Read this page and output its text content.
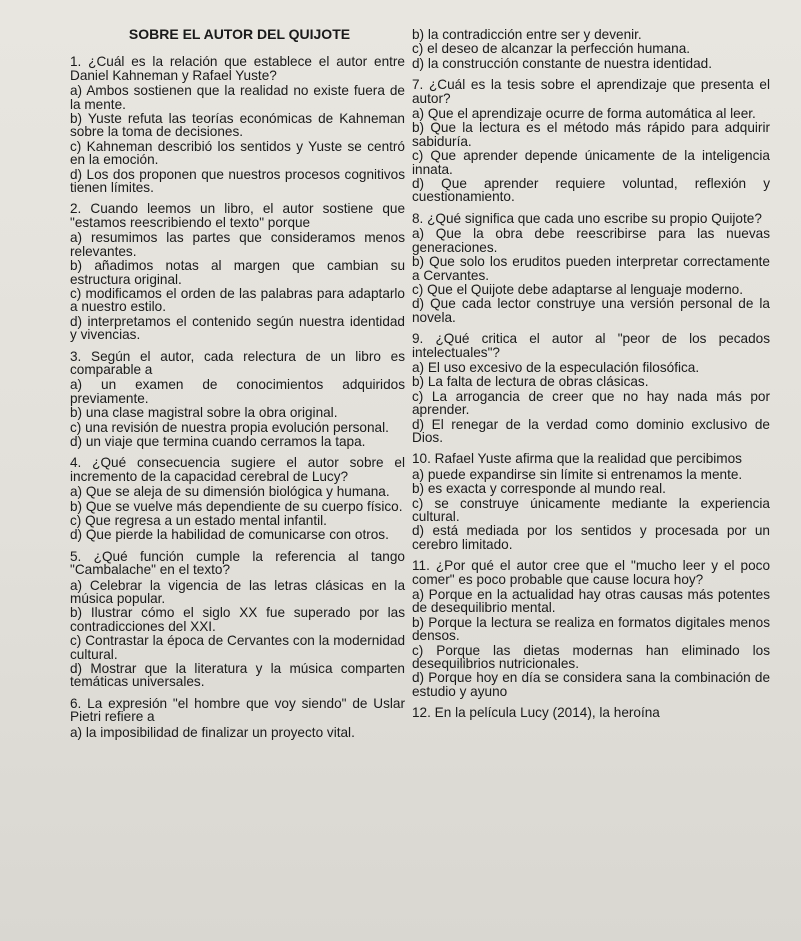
SOBRE EL AUTOR DEL QUIJOTE
1. ¿Cuál es la relación que establece el autor entre Daniel Kahneman y Rafael Yuste?
a) Ambos sostienen que la realidad no existe fuera de la mente.
b) Yuste refuta las teorías económicas de Kahneman sobre la toma de decisiones.
c) Kahneman describió los sentidos y Yuste se centró en la emoción.
d) Los dos proponen que nuestros procesos cognitivos tienen límites.
2. Cuando leemos un libro, el autor sostiene que "estamos reescribiendo el texto" porque
a) resumimos las partes que consideramos menos relevantes.
b) añadimos notas al margen que cambian su estructura original.
c) modificamos el orden de las palabras para adaptarlo a nuestro estilo.
d) interpretamos el contenido según nuestra identidad y vivencias.
3. Según el autor, cada relectura de un libro es comparable a
a) un examen de conocimientos adquiridos previamente.
b) una clase magistral sobre la obra original.
c) una revisión de nuestra propia evolución personal.
d) un viaje que termina cuando cerramos la tapa.
4. ¿Qué consecuencia sugiere el autor sobre el incremento de la capacidad cerebral de Lucy?
a) Que se aleja de su dimensión biológica y humana.
b) Que se vuelve más dependiente de su cuerpo físico.
c) Que regresa a un estado mental infantil.
d) Que pierde la habilidad de comunicarse con otros.
5. ¿Qué función cumple la referencia al tango "Cambalache" en el texto?
a) Celebrar la vigencia de las letras clásicas en la música popular.
b) Ilustrar cómo el siglo XX fue superado por las contradicciones del XXI.
c) Contrastar la época de Cervantes con la modernidad cultural.
d) Mostrar que la literatura y la música comparten temáticas universales.
6. La expresión "el hombre que voy siendo" de Uslar Pietri refiere a
a) la imposibilidad de finalizar un proyecto vital.
b) la contradicción entre ser y devenir.
c) el deseo de alcanzar la perfección humana.
d) la construcción constante de nuestra identidad.
7. ¿Cuál es la tesis sobre el aprendizaje que presenta el autor?
a) Que el aprendizaje ocurre de forma automática al leer.
b) Que la lectura es el método más rápido para adquirir sabiduría.
c) Que aprender depende únicamente de la inteligencia innata.
d) Que aprender requiere voluntad, reflexión y cuestionamiento.
8. ¿Qué significa que cada uno escribe su propio Quijote?
a) Que la obra debe reescribirse para las nuevas generaciones.
b) Que solo los eruditos pueden interpretar correctamente a Cervantes.
c) Que el Quijote debe adaptarse al lenguaje moderno.
d) Que cada lector construye una versión personal de la novela.
9. ¿Qué critica el autor al "peor de los pecados intelectuales"?
a) El uso excesivo de la especulación filosófica.
b) La falta de lectura de obras clásicas.
c) La arrogancia de creer que no hay nada más por aprender.
d) El renegar de la verdad como dominio exclusivo de Dios.
10. Rafael Yuste afirma que la realidad que percibimos
a) puede expandirse sin límite si entrenamos la mente.
b) es exacta y corresponde al mundo real.
c) se construye únicamente mediante la experiencia cultural.
d) está mediada por los sentidos y procesada por un cerebro limitado.
11. ¿Por qué el autor cree que el "mucho leer y el poco comer" es poco probable que cause locura hoy?
a) Porque en la actualidad hay otras causas más potentes de desequilibrio mental.
b) Porque la lectura se realiza en formatos digitales menos densos.
c) Porque las dietas modernas han eliminado los desequilibrios nutricionales.
d) Porque hoy en día se considera sana la combinación de estudio y ayuno
12. En la película Lucy (2014), la heroína
